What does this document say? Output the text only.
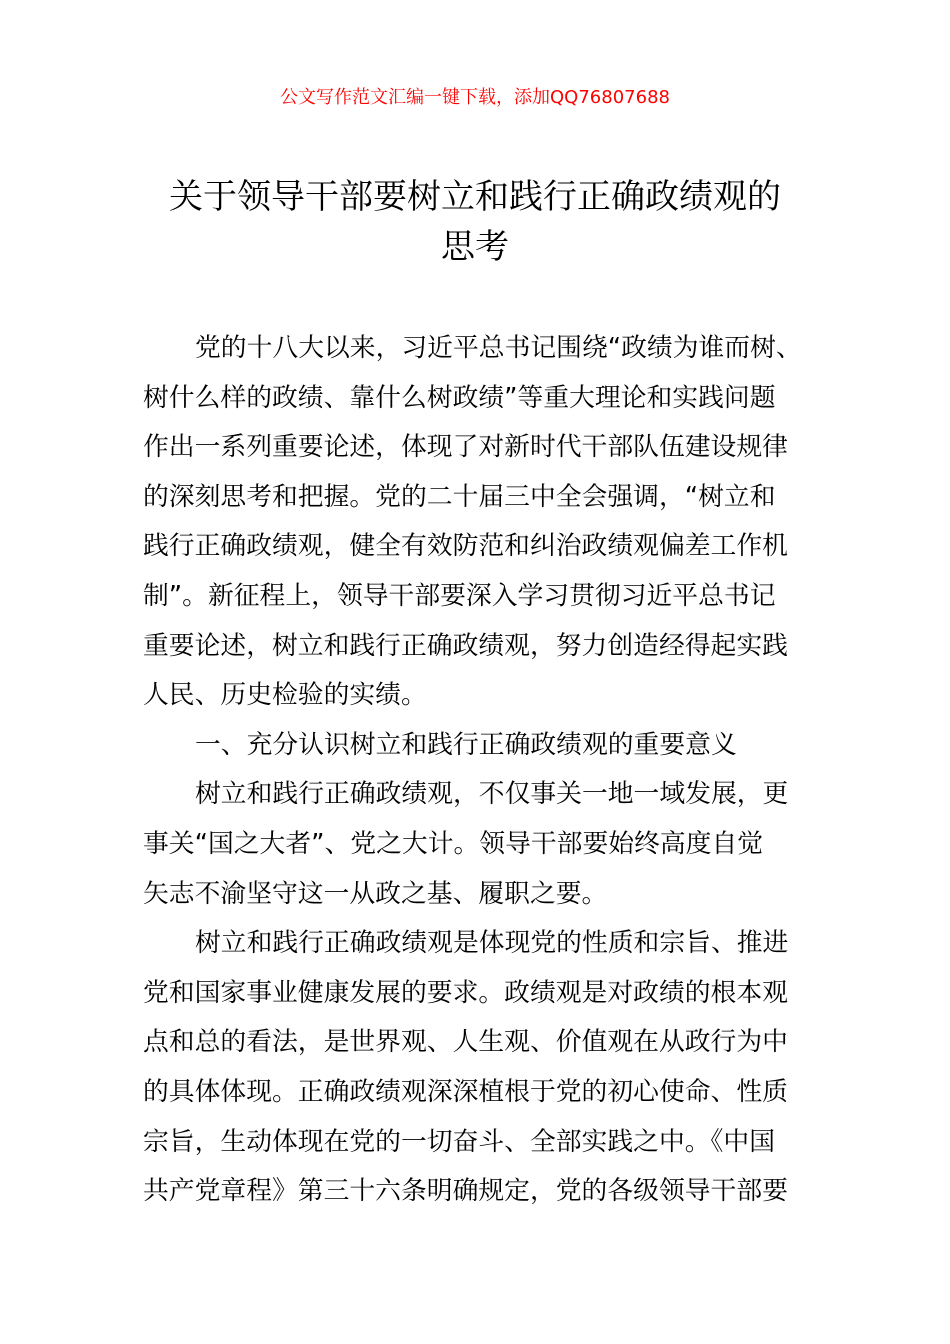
公文写作范文汇编一键下载，添加QQ76807688
关于领导干部要树立和践行正确政绩观的
思考
党的十八大以来，习近平总书记围绕“政绩为谁而树、
树什么样的政绩、靠什么树政绩”等重大理论和实践问题
作出一系列重要论述，体现了对新时代干部队伍建设规律
的深刻思考和把握。党的二十届三中全会强调，“树立和
践行正确政绩观，健全有效防范和纠治政绩观偏差工作机
制”。新征程上，领导干部要深入学习贯彻习近平总书记
重要论述，树立和践行正确政绩观，努力创造经得起实践
人民、历史检验的实绩。
一、充分认识树立和践行正确政绩观的重要意义
树立和践行正确政绩观，不仅事关一地一域发展，更
事关“国之大者”、党之大计。领导干部要始终高度自觉
矢志不渝坚守这一从政之基、履职之要。
树立和践行正确政绩观是体现党的性质和宗旨、推进
党和国家事业健康发展的要求。政绩观是对政绩的根本观
点和总的看法，是世界观、人生观、价值观在从政行为中
的具体体现。正确政绩观深深植根于党的初心使命、性质
宗旨，生动体现在党的一切奋斗、全部实践之中。《中国
共产党章程》第三十六条明确规定，党的各级领导干部要
